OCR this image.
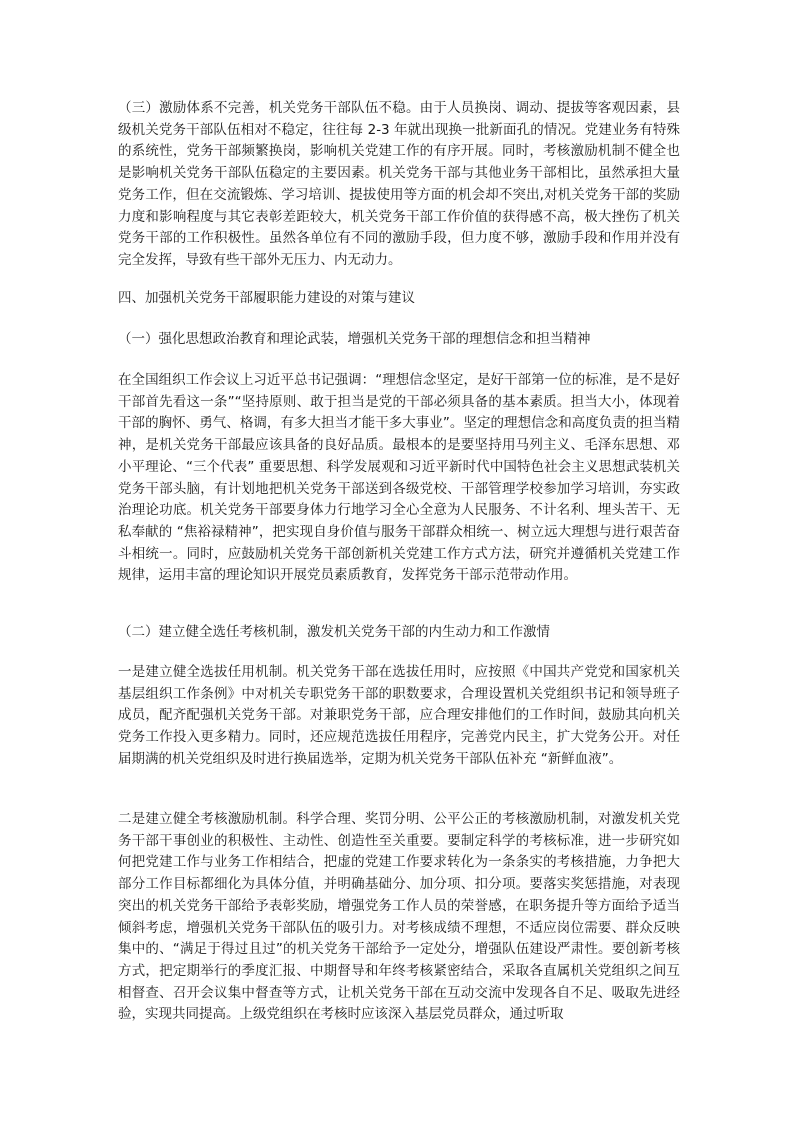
（三）激励体系不完善，机关党务干部队伍不稳。由于人员换岗、调动、提拔等客观因素，县级机关党务干部队伍相对不稳定，往往每 2-3 年就出现换一批新面孔的情况。党建业务有特殊的系统性，党务干部频繁换岗，影响机关党建工作的有序开展。同时，考核激励机制不健全也是影响机关党务干部队伍稳定的主要因素。机关党务干部与其他业务干部相比，虽然承担大量党务工作，但在交流锻炼、学习培训、提拔使用等方面的机会却不突出,对机关党务干部的奖励力度和影响程度与其它表彰差距较大，机关党务干部工作价值的获得感不高，极大挫伤了机关党务干部的工作积极性。虽然各单位有不同的激励手段，但力度不够，激励手段和作用并没有完全发挥，导致有些干部外无压力、内无动力。

四、加强机关党务干部履职能力建设的对策与建议

（一）强化思想政治教育和理论武装，增强机关党务干部的理想信念和担当精神

在全国组织工作会议上习近平总书记强调：“理想信念坚定，是好干部第一位的标准，是不是好干部首先看这一条”“坚持原则、敢于担当是党的干部必须具备的基本素质。担当大小，体现着干部的胸怀、勇气、格调，有多大担当才能干多大事业”。坚定的理想信念和高度负责的担当精神，是机关党务干部最应该具备的良好品质。最根本的是要坚持用马列主义、毛泽东思想、邓小平理论、“三个代表” 重要思想、科学发展观和习近平新时代中国特色社会主义思想武装机关党务干部头脑，有计划地把机关党务干部送到各级党校、干部管理学校参加学习培训，夯实政治理论功底。机关党务干部要身体力行地学习全心全意为人民服务、不计名利、埋头苦干、无私奉献的 “焦裕禄精神”，把实现自身价值与服务干部群众相统一、树立远大理想与进行艰苦奋斗相统一。同时，应鼓励机关党务干部创新机关党建工作方式方法，研究并遵循机关党建工作规律，运用丰富的理论知识开展党员素质教育，发挥党务干部示范带动作用。

（二）建立健全选任考核机制，激发机关党务干部的内生动力和工作激情

一是建立健全选拔任用机制。机关党务干部在选拔任用时，应按照《中国共产党党和国家机关基层组织工作条例》中对机关专职党务干部的职数要求，合理设置机关党组织书记和领导班子成员，配齐配强机关党务干部。对兼职党务干部，应合理安排他们的工作时间，鼓励其向机关党务工作投入更多精力。同时，还应规范选拔任用程序，完善党内民主，扩大党务公开。对任届期满的机关党组织及时进行换届选举，定期为机关党务干部队伍补充 “新鲜血液”。

二是建立健全考核激励机制。科学合理、奖罚分明、公平公正的考核激励机制，对激发机关党务干部干事创业的积极性、主动性、创造性至关重要。要制定科学的考核标准，进一步研究如何把党建工作与业务工作相结合，把虚的党建工作要求转化为一条条实的考核措施，力争把大部分工作目标都细化为具体分值，并明确基础分、加分项、扣分项。要落实奖惩措施，对表现突出的机关党务干部给予表彰奖励，增强党务工作人员的荣誉感，在职务提升等方面给予适当倾斜考虑，增强机关党务干部队伍的吸引力。对考核成绩不理想，不适应岗位需要、群众反映集中的、“满足于得过且过”的机关党务干部给予一定处分，增强队伍建设严肃性。要创新考核方式，把定期举行的季度汇报、中期督导和年终考核紧密结合，采取各直属机关党组织之间互相督查、召开会议集中督查等方式，让机关党务干部在互动交流中发现各自不足、吸取先进经验，实现共同提高。上级党组织在考核时应该深入基层党员群众，通过听取
